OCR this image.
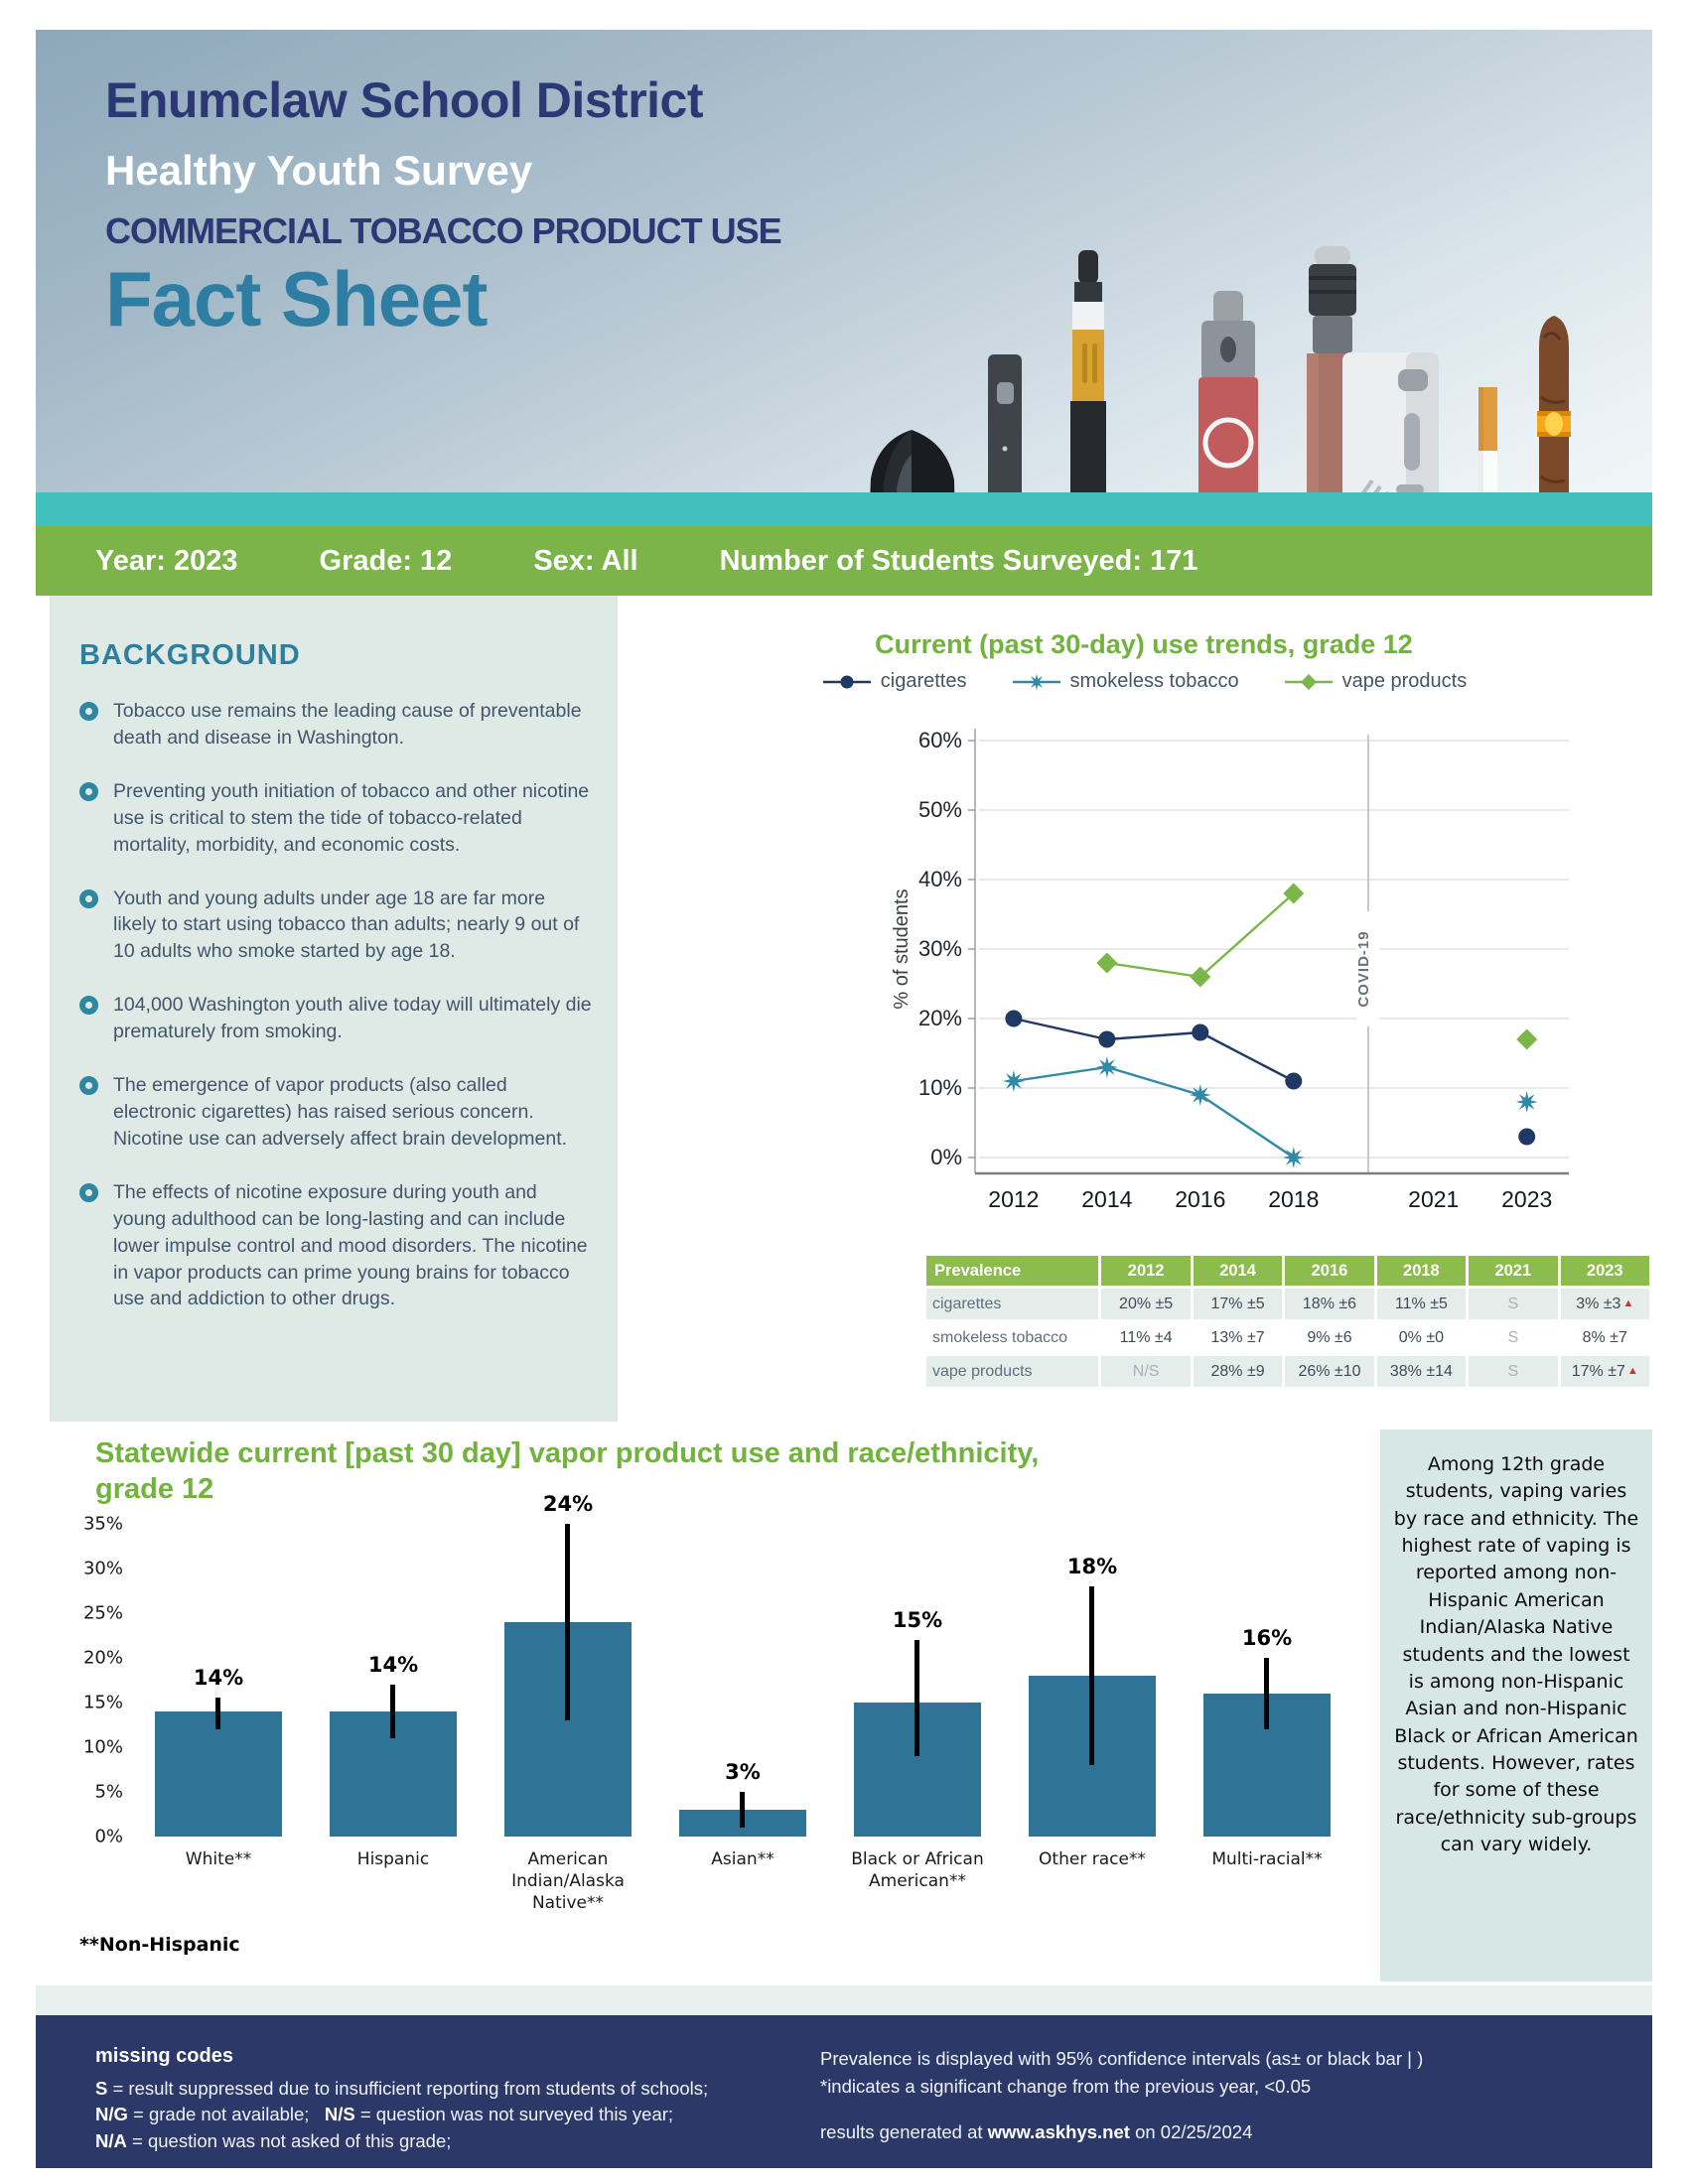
Enumclaw School District
Healthy Youth Survey
COMMERCIAL TOBACCO PRODUCT USE
Fact Sheet
Year: 2023	Grade: 12	Sex: All	Number of Students Surveyed: 171
BACKGROUND
Tobacco use remains the leading cause of preventable death and disease in Washington.
Preventing youth initiation of tobacco and other nicotine use is critical to stem the tide of tobacco-related mortality, morbidity, and economic costs.
Youth and young adults under age 18 are far more likely to start using tobacco than adults; nearly 9 out of 10 adults who smoke started by age 18.
104,000 Washington youth alive today will ultimately die prematurely from smoking.
The emergence of vapor products (also called electronic cigarettes) has raised serious concern. Nicotine use can adversely affect brain development.
The effects of nicotine exposure during youth and young adulthood can be long-lasting and can include lower impulse control and mood disorders. The nicotine in vapor products can prime young brains for tobacco use and addiction to other drugs.
Current (past 30-day) use trends, grade 12
cigarettes	smokeless tobacco	vape products
COVID-19
0%
10%
20%
30%
40%
50%
60%
2012 2014 2016 2018	2021 2023
% of students
Prevalence	2012	2014	2016	2018	2021	2023
cigarettes	20% ±5	17% ±5	18% ±6	11% ±5	S	3% ±3 ▲
smokeless tobacco	11% ±4	13% ±7	9% ±6	0% ±0	S	8% ±7
vape products	N/S	28% ±9	26% ±10	38% ±14	S	17% ±7 ▲
Statewide current [past 30 day] vapor product use and race/ethnicity,
grade 12
0%
5%
10%
15%
20%
25%
30%
35%
14%
14%
24%
3%
15%
18%
16%
White**	Hispanic	American Indian/Alaska Native**
Asian**	Black or African American**
Other race**	Multi-racial**
**Non-Hispanic
Among 12th grade students, vaping varies by race and ethnicity. The highest rate of vaping is reported among non-Hispanic American Indian/Alaska Native students and the lowest is among non-Hispanic Asian and non-Hispanic Black or African American students. However, rates for some of these race/ethnicity sub-groups can vary widely.
missing codes
S = result suppressed due to insufficient reporting from students of schools;
N/G = grade not available;   N/S = question was not surveyed this year;
N/A = question was not asked of this grade;
Prevalence is displayed with 95% confidence intervals (as± or black bar | )
*indicates a significant change from the previous year, <0.05
results generated at www.askhys.net on 02/25/2024
